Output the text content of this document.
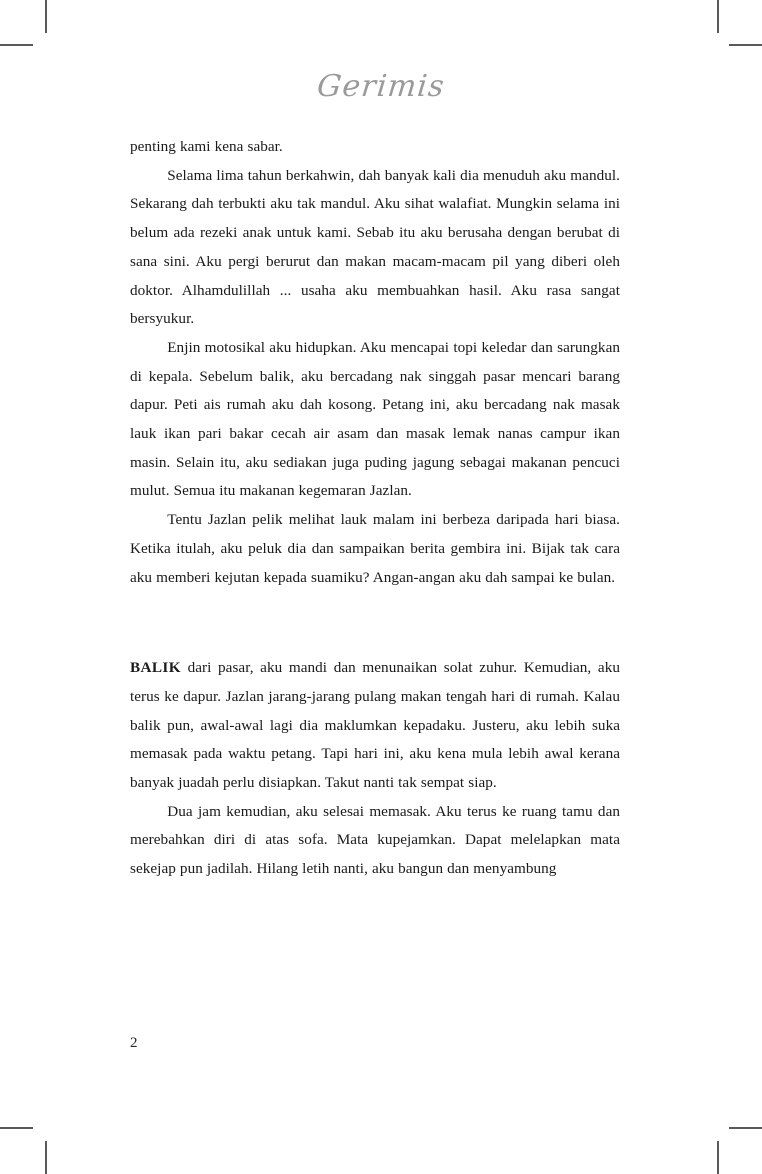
Gerimis

penting kami kena sabar.

Selama lima tahun berkahwin, dah banyak kali dia menuduh aku mandul. Sekarang dah terbukti aku tak mandul. Aku sihat walafiat. Mungkin selama ini belum ada rezeki anak untuk kami. Sebab itu aku berusaha dengan berubat di sana sini. Aku pergi berurut dan makan macam-macam pil yang diberi oleh doktor. Alhamdulillah ... usaha aku membuahkan hasil. Aku rasa sangat bersyukur.

Enjin motosikal aku hidupkan. Aku mencapai topi keledar dan sarungkan di kepala. Sebelum balik, aku bercadang nak singgah pasar mencari barang dapur. Peti ais rumah aku dah kosong. Petang ini, aku bercadang nak masak lauk ikan pari bakar cecah air asam dan masak lemak nanas campur ikan masin. Selain itu, aku sediakan juga puding jagung sebagai makanan pencuci mulut. Semua itu makanan kegemaran Jazlan.

Tentu Jazlan pelik melihat lauk malam ini berbeza daripada hari biasa. Ketika itulah, aku peluk dia dan sampaikan berita gembira ini. Bijak tak cara aku memberi kejutan kepada suamiku? Angan-angan aku dah sampai ke bulan.

BALIK dari pasar, aku mandi dan menunaikan solat zuhur. Kemudian, aku terus ke dapur. Jazlan jarang-jarang pulang makan tengah hari di rumah. Kalau balik pun, awal-awal lagi dia maklumkan kepadaku. Justeru, aku lebih suka memasak pada waktu petang. Tapi hari ini, aku kena mula lebih awal kerana banyak juadah perlu disiapkan. Takut nanti tak sempat siap.

Dua jam kemudian, aku selesai memasak. Aku terus ke ruang tamu dan merebahkan diri di atas sofa. Mata kupejamkan. Dapat melelapkan mata sekejap pun jadilah. Hilang letih nanti, aku bangun dan menyambung

2
